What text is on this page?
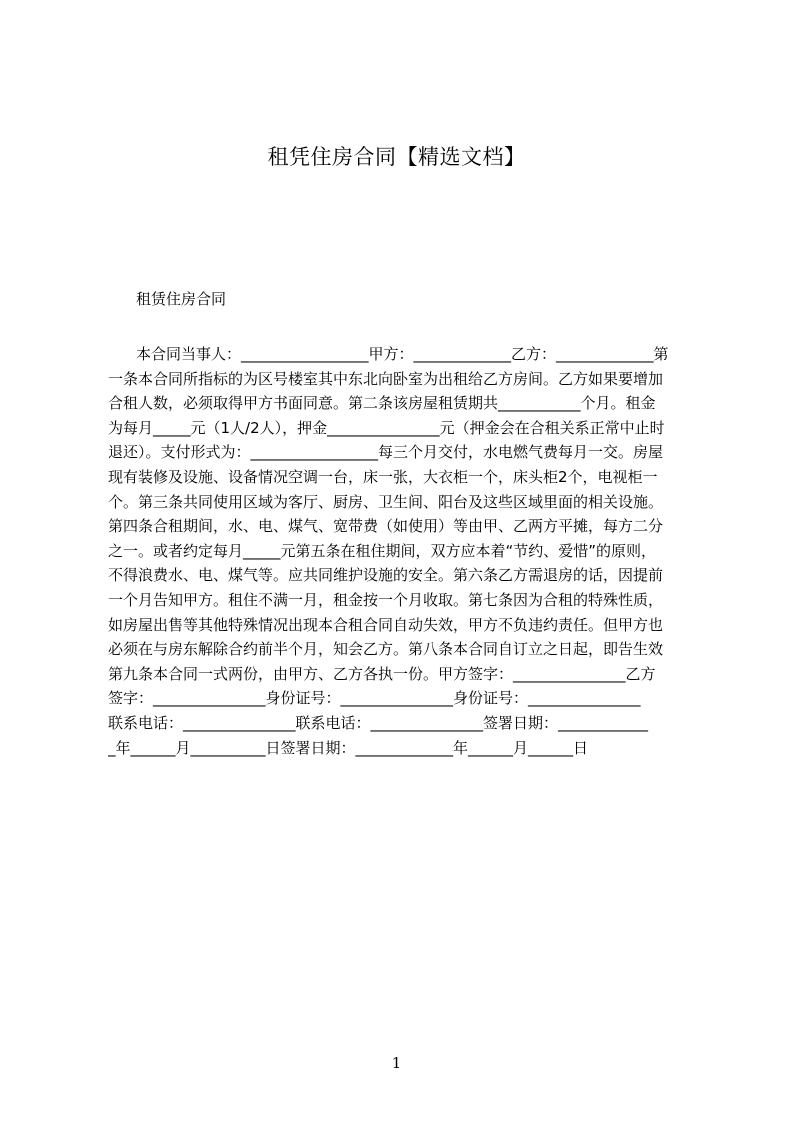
租凭住房合同【精选文档】
租赁住房合同
本合同当事人：_________________甲方：_____________乙方：_____________第
一条本合同所指标的为区号楼室其中东北向卧室为出租给乙方房间。乙方如果要增加
合租人数，必须取得甲方书面同意。第二条该房屋租赁期共___________个月。租金
为每月_____元（1人/2人），押金_______________元（押金会在合租关系正常中止时
退还）。支付形式为：_________________每三个月交付，水电燃气费每月一交。房屋
现有装修及设施、设备情况空调一台，床一张，大衣柜一个，床头柜2个，电视柜一
个。第三条共同使用区域为客厅、厨房、卫生间、阳台及这些区域里面的相关设施。
第四条合租期间，水、电、煤气、宽带费（如使用）等由甲、乙两方平摊，每方二分
之一。或者约定每月_____元第五条在租住期间，双方应本着“节约、爱惜”的原则，
不得浪费水、电、煤气等。应共同维护设施的安全。第六条乙方需退房的话，因提前
一个月告知甲方。租住不满一月，租金按一个月收取。第七条因为合租的特殊性质，
如房屋出售等其他特殊情况出现本合租合同自动失效，甲方不负违约责任。但甲方也
必须在与房东解除合约前半个月，知会乙方。第八条本合同自订立之日起，即告生效
第九条本合同一式两份，由甲方、乙方各执一份。甲方签字：_______________乙方
签字：_______________身份证号：_______________身份证号：_______________
联系电话：_______________联系电话：_______________签署日期：____________
_年______月__________日签署日期：_____________年______月______日
1
